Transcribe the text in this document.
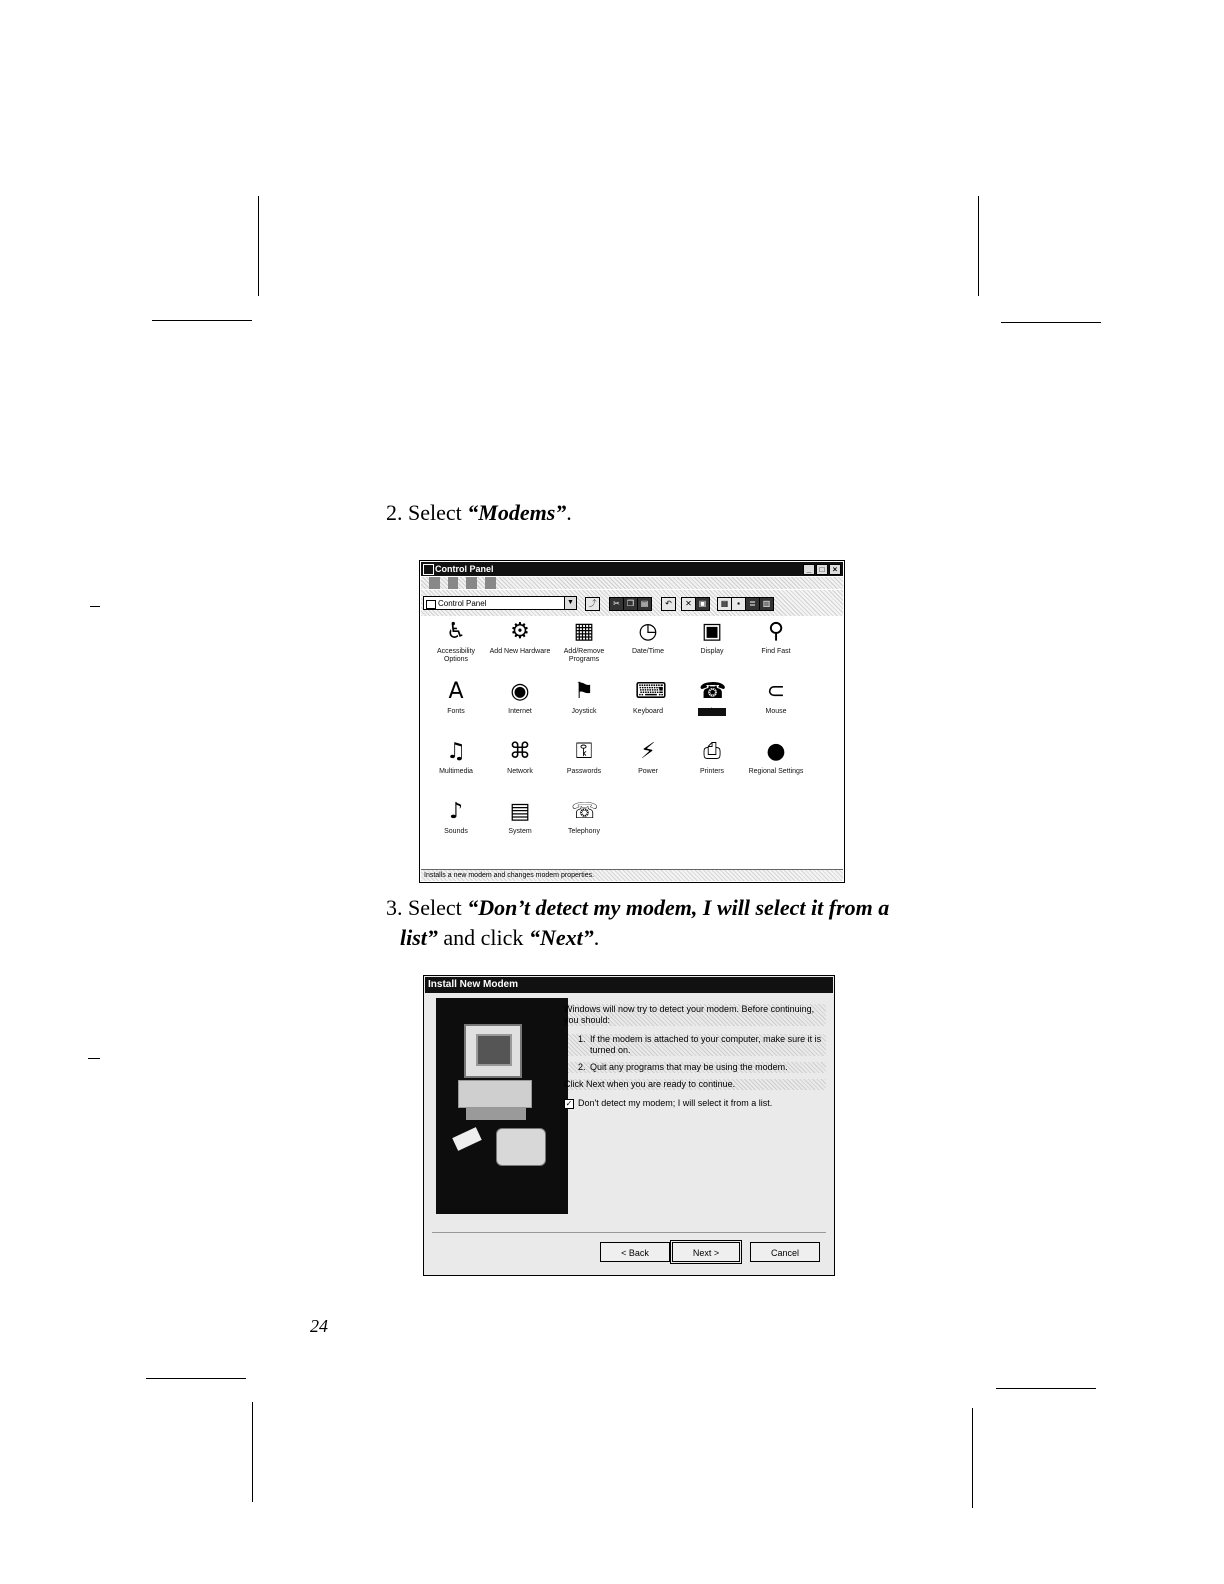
2. Select “Modems”.
Control Panel	_	□	×

Control Panel	▼	⤴	✂ ❐ ▤	↶	✕ ▣	▦	▪	≣ ▥
♿
Accessibility Options
⚙
Add New Hardware
▦
Add/Remove Programs
◷
Date/Time
▣
Display
⚲
Find Fast
A
Fonts
◉
Internet
⚑
Joystick
⌨
Keyboard
☎
Modems
⊂
Mouse
♫
Multimedia
⌘
Network
⚿
Passwords
⚡
Power
⎙
Printers
●
Regional Settings
♪
Sounds
▤
System
☏
Telephony
Installs a new modem and changes modem properties.
3. Select “Don’t detect my modem, I will select it from a
list” and click “Next”.
Install New Modem

Windows will now try to detect your modem. Before continuing, you should:

1. If the modem is attached to your computer, make sure it is turned on.
2. Quit any programs that may be using the modem.

Click Next when you are ready to continue.

✓ Don't detect my modem; I will select it from a list.
< Back	Next >	Cancel
24
